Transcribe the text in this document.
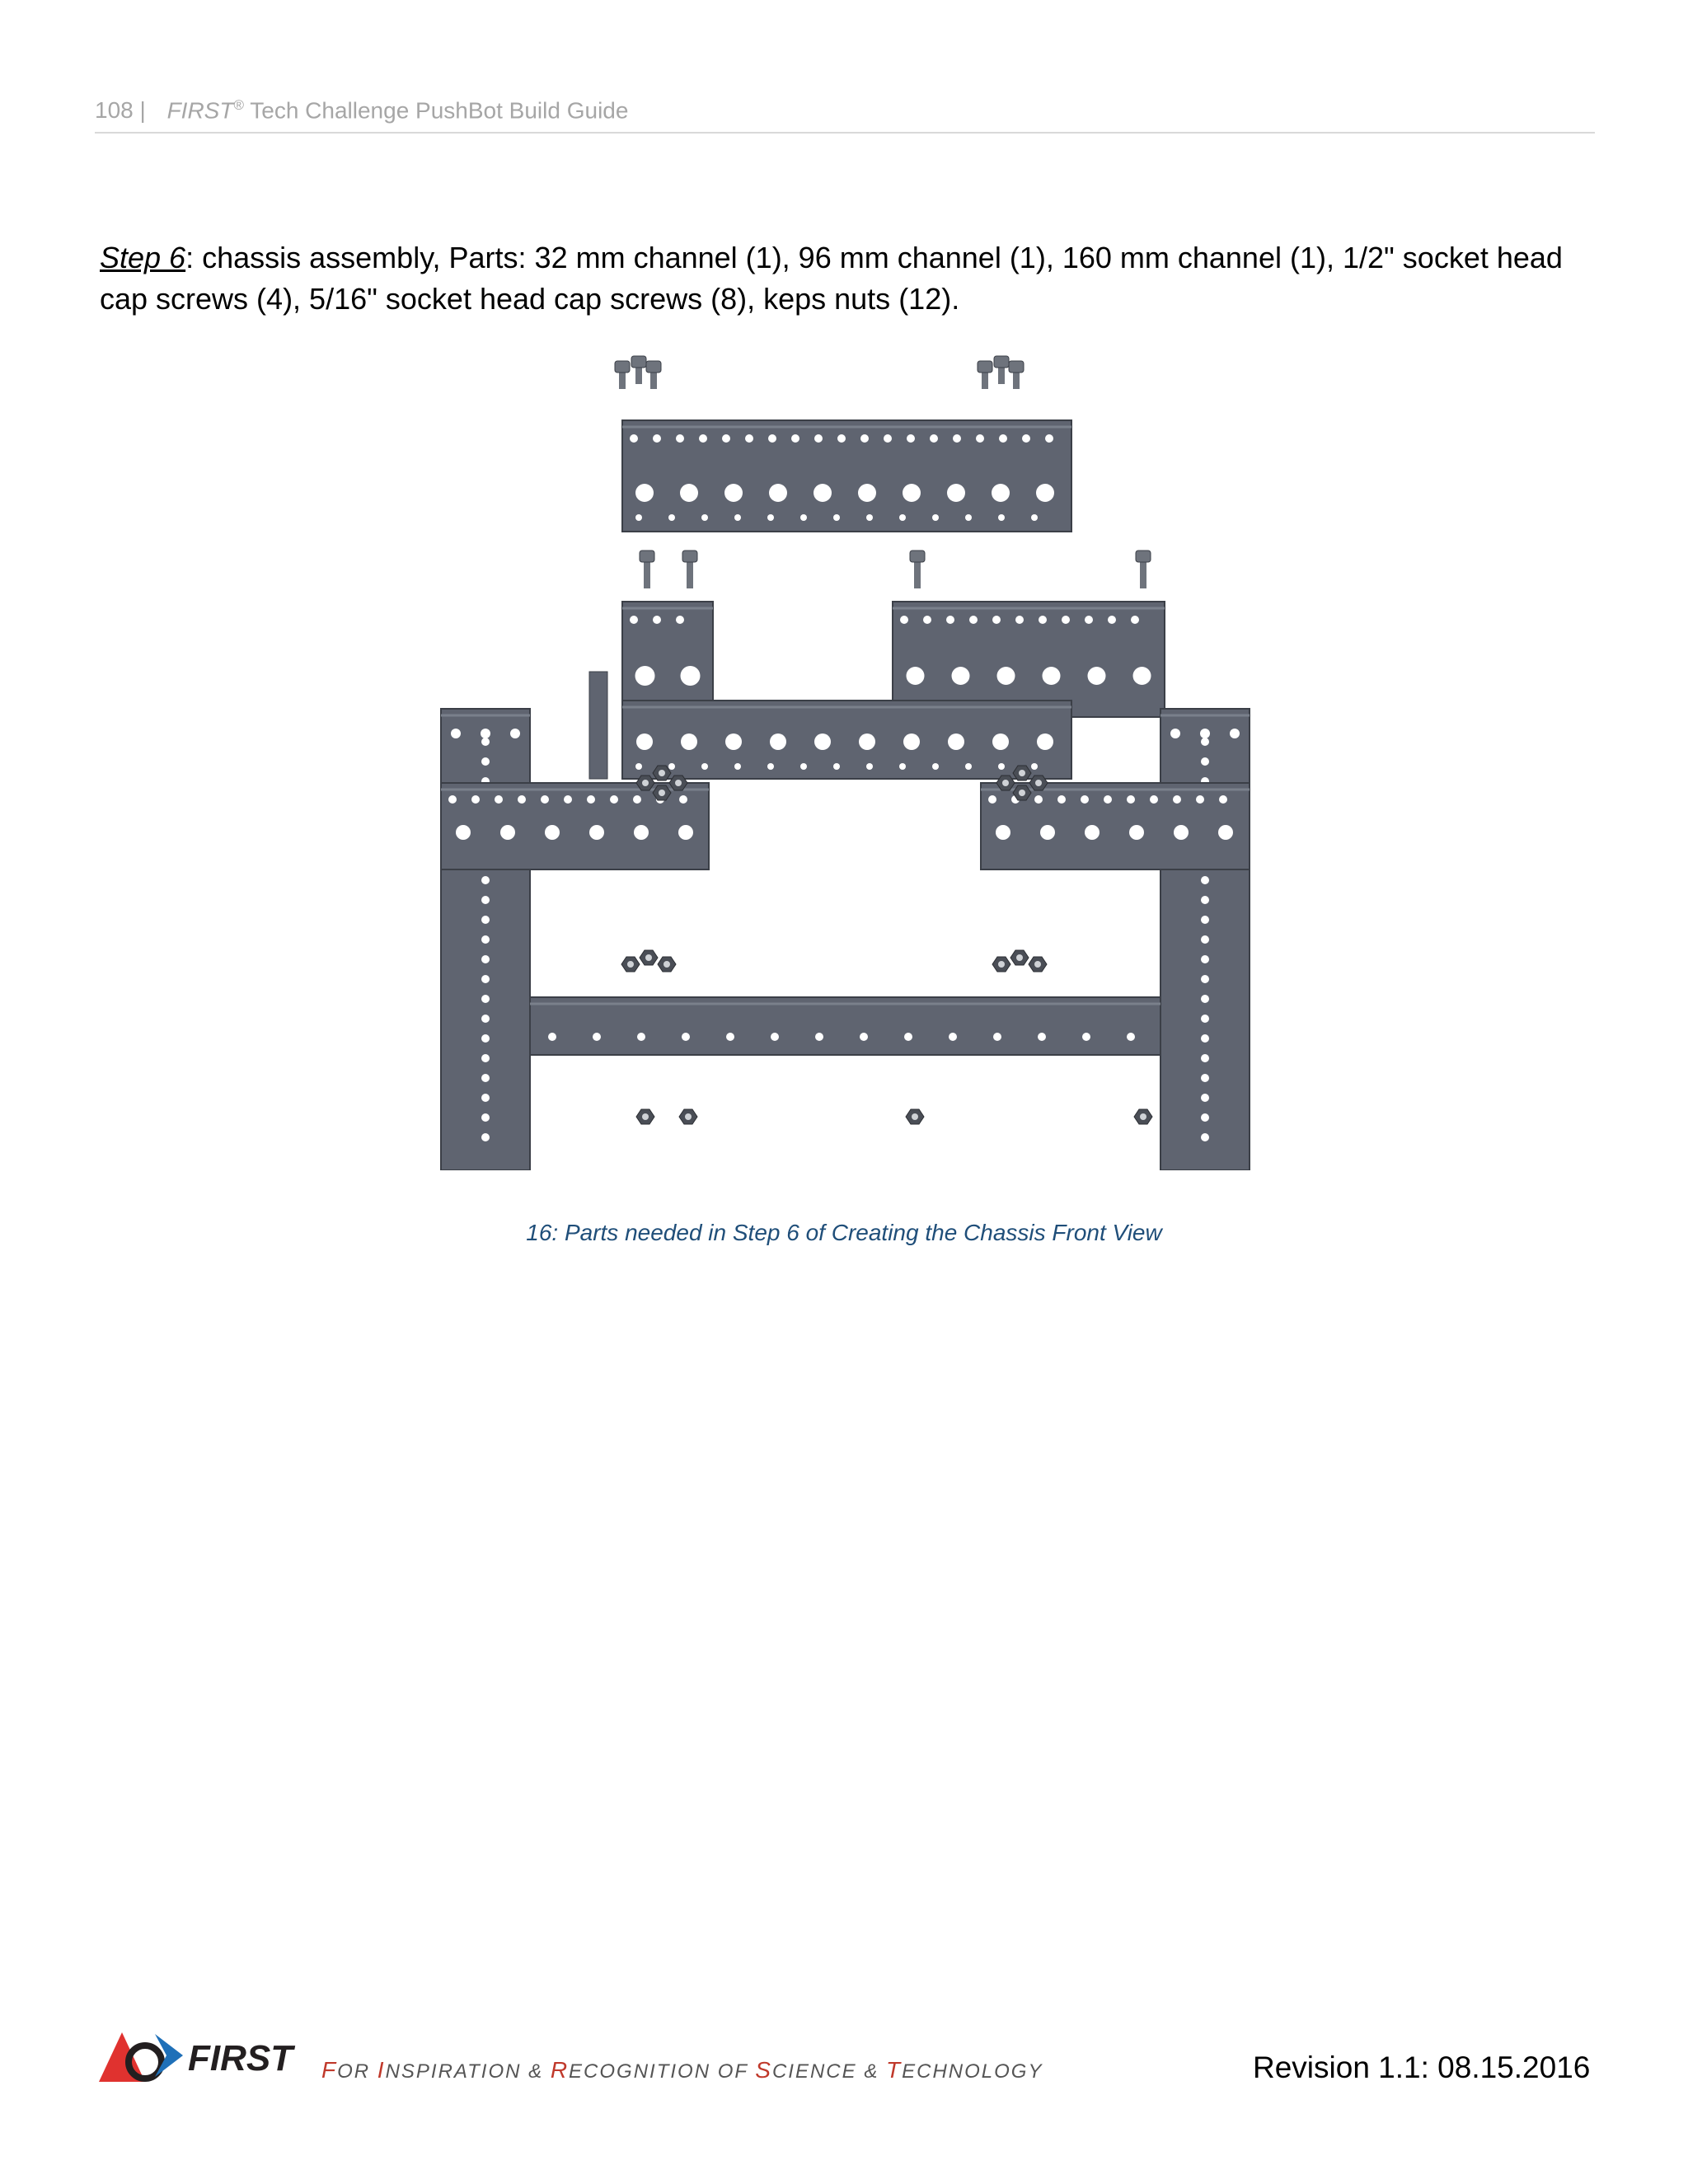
108 | FIRST® Tech Challenge PushBot Build Guide
Step 6: chassis assembly, Parts: 32 mm channel (1), 96 mm channel (1), 160 mm channel (1), 1/2" socket head cap screws (4), 5/16" socket head cap screws (8), keps nuts (12).
16: Parts needed in Step 6 of Creating the Chassis Front View
FIRST FOR INSPIRATION & RECOGNITION OF SCIENCE & TECHNOLOGY	Revision 1.1: 08.15.2016
